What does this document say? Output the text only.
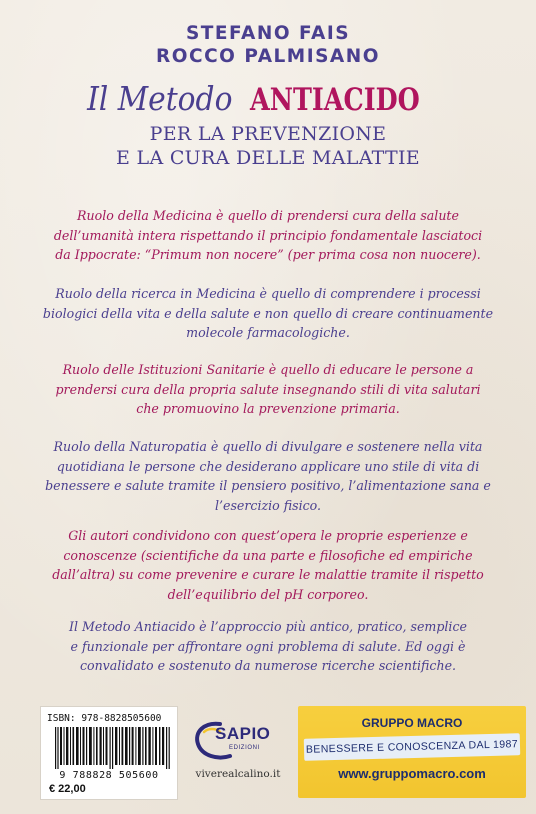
STEFANO FAIS
ROCCO PALMISANO
Il Metodo ANTIACIDO
PER LA PREVENZIONE
E LA CURA DELLE MALATTIE
Ruolo della Medicina è quello di prendersi cura della salute
dell’umanità intera rispettando il principio fondamentale lasciatoci
da Ippocrate: “Primum non nocere” (per prima cosa non nuocere).
Ruolo della ricerca in Medicina è quello di comprendere i processi
biologici della vita e della salute e non quello di creare continuamente
molecole farmacologiche.
Ruolo delle Istituzioni Sanitarie è quello di educare le persone a
prendersi cura della propria salute insegnando stili di vita salutari
che promuovino la prevenzione primaria.
Ruolo della Naturopatia è quello di divulgare e sostenere nella vita
quotidiana le persone che desiderano applicare uno stile di vita di
benessere e salute tramite il pensiero positivo, l’alimentazione sana e
l’esercizio fisico.
Gli autori condividono con quest’opera le proprie esperienze e
conoscenze (scientifiche da una parte e filosofiche ed empiriche
dall’altra) su come prevenire e curare le malattie tramite il rispetto
dell’equilibrio del pH corporeo.
Il Metodo Antiacido è l’approccio più antico, pratico, semplice
e funzionale per affrontare ogni problema di salute. Ed oggi è
convalidato e sostenuto da numerose ricerche scientifiche.
ISBN: 978-8828505600
9 788828 505600
€ 22,00
SAPIO
EDIZIONI
viverealcalino.it
GRUPPO MACRO
BENESSERE E CONOSCENZA DAL 1987
www.gruppomacro.com
